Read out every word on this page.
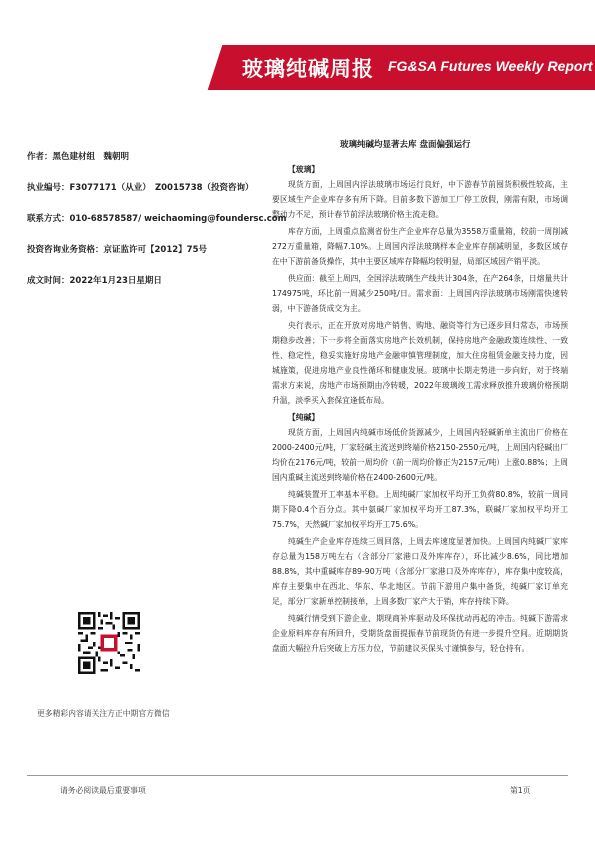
玻璃纯碱周报 FG&SA Futures Weekly Report
作者：黑色建材组　魏朝明
执业编号：F3077171（从业）　Z0015738（投资咨询）
联系方式：010-68578587/ weichaoming@foundersc.com
投资咨询业务资格：京证监许可【2012】75号
成文时间：2022年1月23日星期日
玻璃纯碱均显著去库 盘面偏强运行
【玻璃】

现货方面，上周国内浮法玻璃市场运行良好，中下游春节前囤货积极性较高，主要区域生产企业库存多有所下降。目前多数下游加工厂停工放假，刚需有限，市场调整动力不足，预计春节前浮法玻璃价格主流走稳。

库存方面，上周重点监测省份生产企业库存总量为3558万重量箱，较前一周削减272万重量箱，降幅7.10%。上周国内浮法玻璃样本企业库存削减明显，多数区域存在中下游前备货操作，其中主要区域库存降幅均较明显，局部区域因产销平淡。

供应面：截至上周四，全国浮法玻璃生产线共计304条，在产264条，日熔量共计174975吨，环比前一周减少250吨/日。需求面：上周国内浮法玻璃市场刚需快速转弱，中下游备货成交为主。

央行表示，正在开放对房地产销售、购地、融资等行为已逐步回归常态，市场预期稳步改善；下一步将全面落实房地产长效机制，保持房地产金融政策连续性、一致性、稳定性，稳妥实施好房地产金融审慎管理制度，加大住房租赁金融支持力度，因城施策，促进房地产业良性循环和健康发展。玻璃中长期走势进一步向好，对于终端需求方来说，房地产市场预期由冷转暖，2022年玻璃竣工需求释放推升玻璃价格预期升温，淡季买入套保宜逢低布局。

【纯碱】

现货方面，上周国内纯碱市场低价货源减少，上周国内轻碱新单主流出厂价格在2000-2400元/吨，厂家轻碱主流送到终端价格2150-2550元/吨，上周国内轻碱出厂均价在2176元/吨，较前一周均价（前一周均价修正为2157元/吨）上涨0.88%；上周国内重碱主流送到终端价格在2400-2600元/吨。

纯碱装置开工率基本平稳。上周纯碱厂家加权平均开工负荷80.8%，较前一周同期下降0.4个百分点。其中氨碱厂家加权平均开工87.3%，联碱厂家加权平均开工75.7%，天然碱厂家加权平均开工75.6%。

纯碱生产企业库存连续三周回落，上周去库速度显著加快。上周国内纯碱厂家库存总量为158万吨左右（含部分厂家港口及外库库存），环比减少8.6%，同比增加88.8%，其中重碱库存89-90万吨（含部分厂家港口及外库库存），库存集中度较高，库存主要集中在西北、华东、华北地区。节前下游用户集中备货，纯碱厂家订单充足，部分厂家新单控制接单，上周多数厂家产大于销，库存持续下降。

纯碱行情受到下游企业、期现商补库驱动及环保扰动再起的冲击。纯碱下游需求企业原料库存有所回升，受期货盘面提振春节前现货仍有进一步提升空间。近期期货盘面大幅拉升后突破上方压力位，节前建议买保头寸谨慎参与，轻仓持有。

更多精彩内容请关注方正中期官方微信
请务必阅读最后重要事项	第1页
